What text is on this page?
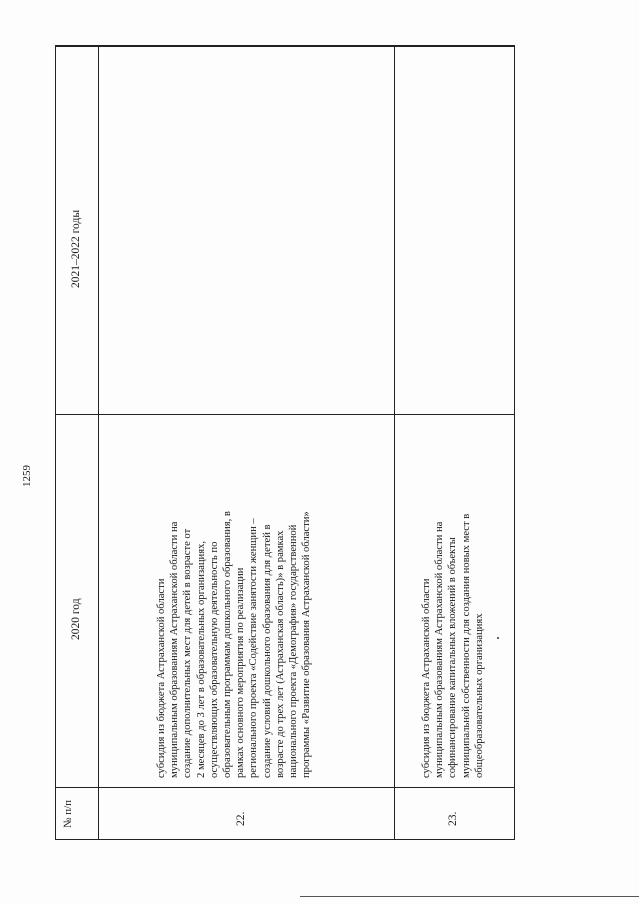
1259
2021–2022 годы
2020 год
№ п/п	22.
субсидия из бюджета Астраханской области муниципальным образованиям Астраханской области на создание дополнительных мест для детей в возрасте от 2 месяцев до 3 лет в образовательных организациях, осуществляющих образовательную деятельность по образовательным программам дошкольного образования, в рамках основного мероприятия по реализации регионального проекта «Содействие занятости женщин – создание условий дошкольного образования для детей в возрасте до трех лет (Астраханская область)» в рамках национального проекта «Демография» государственной программы «Развитие образования Астраханской области»
23.
субсидия из бюджета Астраханской области муниципальным образованиям Астраханской области на софинансирование капитальных вложений в объекты муниципальной собственности для создания новых мест в общеобразовательных организациях
